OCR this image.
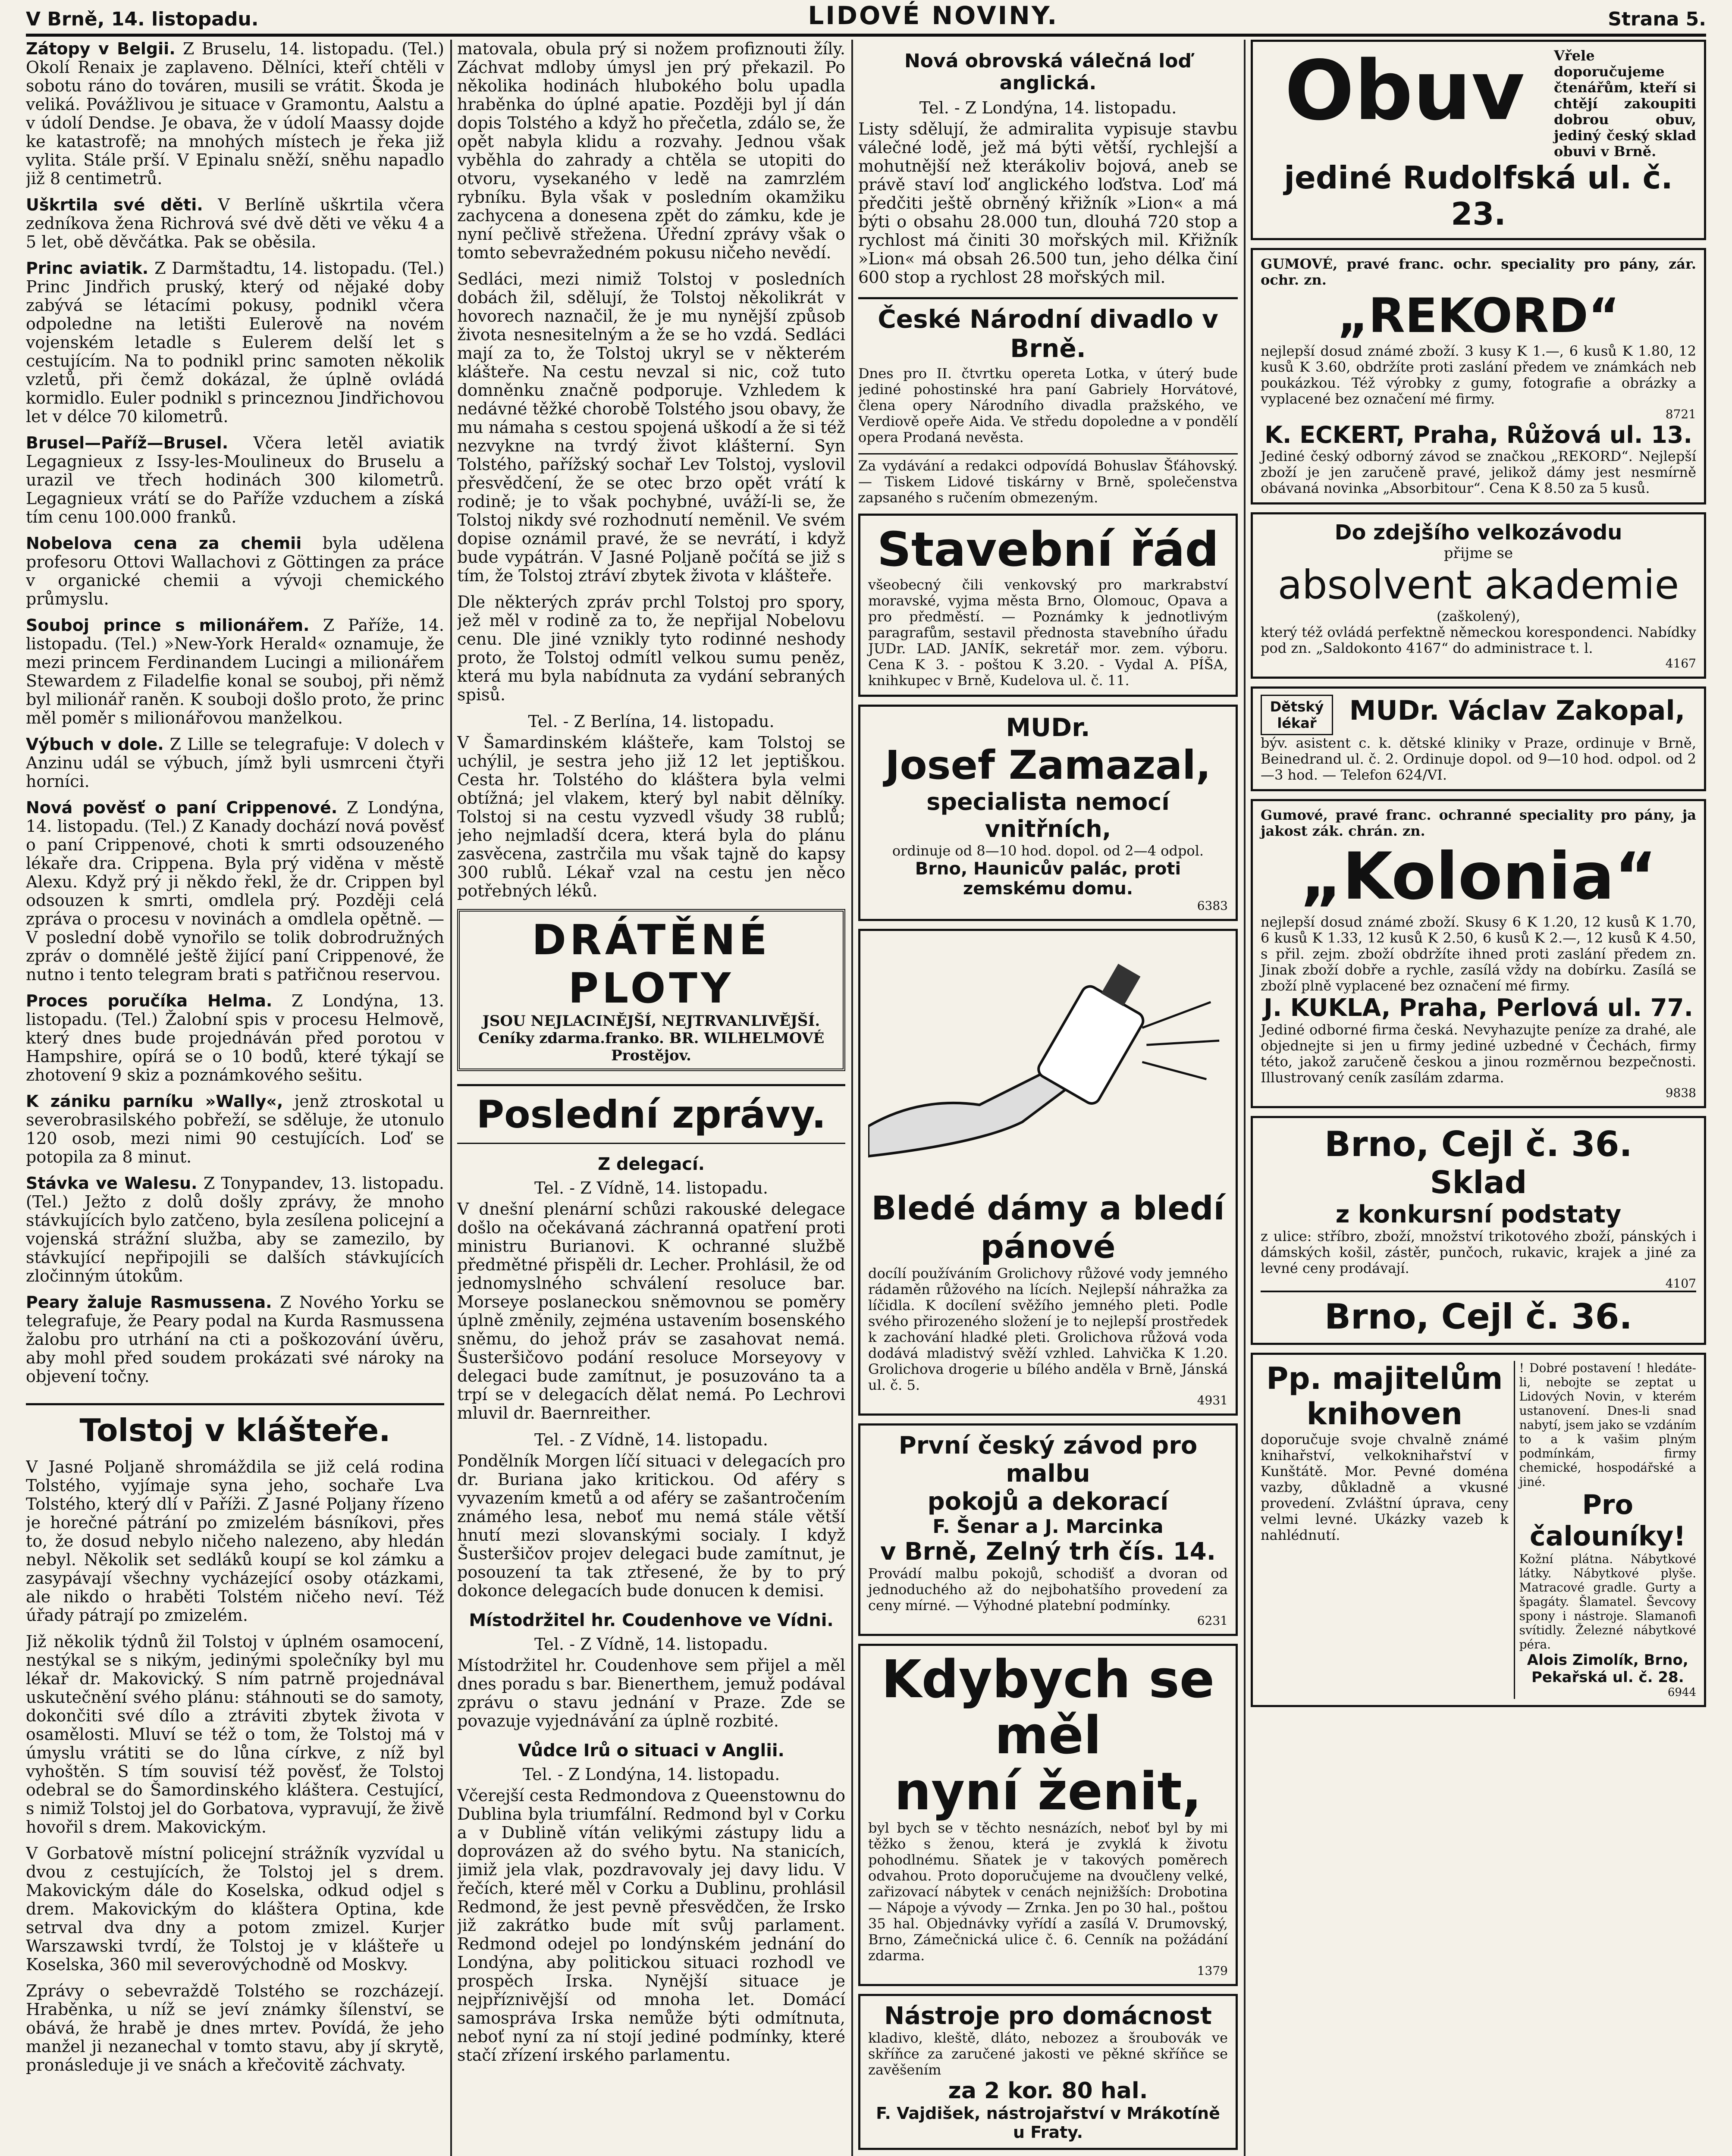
V Brně, 14. listopadu.	LIDOVÉ NOVINY.	Strana 5.

Zátopy v Belgii. Z Bruselu, 14. listopadu. (Tel.) Okolí Renaix je zaplaveno. Dělníci, kteří chtěli v sobotu ráno do továren, musili se vrátit. Škoda je veliká. Povážlivou je situace v Gramontu, Aalstu a v údolí Dendse. Je obava, že v údolí Maassy dojde ke katastrofě; na mnohých místech je řeka již vylita. Stále prší. V Epinalu sněží, sněhu napadlo již 8 centimetrů.

Uškrtila své děti. V Berlíně uškrtila včera zedníkova žena Richrová své dvě děti ve věku 4 a 5 let, obě děvčátka. Pak se oběsila.

Princ aviatik. Z Darmštadtu, 14. listopadu. (Tel.) Princ Jindřich pruský, který od nějaké doby zabývá se létacími pokusy, podnikl včera odpoledne na letišti Eulerově na novém vojenském letadle s Eulerem delší let s cestujícím. Na to podnikl princ samoten několik vzletů, při čemž dokázal, že úplně ovládá kormidlo. Euler podnikl s princeznou Jindřichovou let v délce 70 kilometrů.

Brusel—Paříž—Brusel. Včera letěl aviatik Legagnieux z Issy-les-Moulineux do Bruselu a urazil ve třech hodinách 300 kilometrů. Legagnieux vrátí se do Paříže vzduchem a získá tím cenu 100.000 franků.

Nobelova cena za chemii byla udělena profesoru Ottovi Wallachovi z Göttingen za práce v organické chemii a vývoji chemického průmyslu.

Souboj prince s milionářem. Z Paříže, 14. listopadu. (Tel.) »New-York Herald« oznamuje, že mezi princem Ferdinandem Lucingi a milionářem Stewardem z Filadelfie konal se souboj, při němž byl milionář raněn. K souboji došlo proto, že princ měl poměr s milionářovou manželkou.

Výbuch v dole. Z Lille se telegrafuje: V dolech v Anzinu udál se výbuch, jímž byli usmrceni čtyři horníci.

Nová pověsť o paní Crippenové. Z Londýna, 14. listopadu. (Tel.) Z Kanady dochází nová pověsť o paní Crippenové, choti k smrti odsouzeného lékaře dra. Crippena. Byla prý viděna v městě Alexu. Když prý ji někdo řekl, že dr. Crippen byl odsouzen k smrti, omdlela prý. Později celá zpráva o procesu v novinách a omdlela opětně. — V poslední době vynořilo se tolik dobrodružných zpráv o domnělé ještě žijící paní Crippenové, že nutno i tento telegram brati s patřičnou reservou.

Proces poručíka Helma. Z Londýna, 13. listopadu. (Tel.) Žalobní spis v procesu Helmově, který dnes bude projednáván před porotou v Hampshire, opírá se o 10 bodů, které týkají se zhotovení 9 skiz a poznámkového sešitu.

K zániku parníku »Wally«, jenž ztroskotal u severobrasilského pobřeží, se sděluje, že utonulo 120 osob, mezi nimi 90 cestujících. Loď se potopila za 8 minut.

Stávka ve Walesu. Z Tonypandev, 13. listopadu. (Tel.) Ježto z dolů došly zprávy, že mnoho stávkujících bylo zatčeno, byla zesílena policejní a vojenská strážní služba, aby se zamezilo, by stávkující nepřipojili se dalších stávkujících zločinným útokům.

Peary žaluje Rasmussena. Z Nového Yorku se telegrafuje, že Peary podal na Kurda Rasmussena žalobu pro utrhání na cti a poškozování úvěru, aby mohl před soudem prokázati své nároky na objevení točny.

Tolstoj v klášteře.

V Jasné Poljaně shromáždila se již celá rodina Tolstého, vyjímaje syna jeho, sochaře Lva Tolstého, který dlí v Paříži. Z Jasné Poljany řízeno je horečné pátrání po zmizelém básníkovi, přes to, že dosud nebylo ničeho nalezeno, aby hledán nebyl. Několik set sedláků koupí se kol zámku a zasypávají všechny vycházející osoby otázkami, ale nikdo o hraběti Tolstém ničeho neví. Též úřady pátrají po zmizelém.

Již několik týdnů žil Tolstoj v úplném osamocení, nestýkal se s nikým, jedinými společníky byl mu lékař dr. Makovický. S ním patrně projednával uskutečnění svého plánu: stáhnouti se do samoty, dokončiti své dílo a ztráviti zbytek života v osamělosti. Mluví se též o tom, že Tolstoj má v úmyslu vrátiti se do lůna církve, z níž byl vyhoštěn. S tím souvisí též pověsť, že Tolstoj odebral se do Šamordinského kláštera. Cestující, s nimiž Tolstoj jel do Gorbatova, vypravují, že živě hovořil s drem. Makovickým.

V Gorbatově místní policejní strážník vyzvídal u dvou z cestujících, že Tolstoj jel s drem. Makovickým dále do Koselska, odkud odjel s drem. Makovickým do kláštera Optina, kde setrval dva dny a potom zmizel. Kurjer Warszawski tvrdí, že Tolstoj je v klášteře u Koselska, 360 mil severovýchodně od Moskvy.

Zprávy o sebevraždě Tolstého se rozcházejí. Hraběnka, u níž se jeví známky šílenství, se obává, že hrabě je dnes mrtev. Povídá, že jeho manžel ji nezanechal v tomto stavu, aby jí skrytě, pronásleduje ji ve snách a křečovitě záchvaty.

matovala, obula prý si nožem profiznouti žíly. Záchvat mdloby úmysl jen prý překazil. Po několika hodinách hlubokého bolu upadla hraběnka do úplné apatie. Později byl jí dán dopis Tolstého a když ho přečetla, zdálo se, že opět nabyla klidu a rozvahy. Jednou však vyběhla do zahrady a chtěla se utopiti do otvoru, vysekaného v ledě na zamrzlém rybníku. Byla však v posledním okamžiku zachycena a donesena zpět do zámku, kde je nyní pečlivě střežena. Úřední zprávy však o tomto sebevražedném pokusu ničeho nevědí.

Sedláci, mezi nimiž Tolstoj v posledních dobách žil, sdělují, že Tolstoj několikrát v hovorech naznačil, že je mu nynější způsob života nesnesitelným a že se ho vzdá. Sedláci mají za to, že Tolstoj ukryl se v některém klášteře. Na cestu nevzal si nic, což tuto domněnku značně podporuje. Vzhledem k nedávné těžké chorobě Tolstého jsou obavy, že mu námaha s cestou spojená uškodí a že si též nezvykne na tvrdý život klášterní. Syn Tolstého, pařížský sochař Lev Tolstoj, vyslovil přesvědčení, že se otec brzo opět vrátí k rodině; je to však pochybné, uváží-li se, že Tolstoj nikdy své rozhodnutí neměnil. Ve svém dopise oznámil pravé, že se nevrátí, i když bude vypátrán. V Jasné Poljaně počítá se již s tím, že Tolstoj ztráví zbytek života v klášteře.

Dle některých zpráv prchl Tolstoj pro spory, jež měl v rodině za to, že nepřijal Nobelovu cenu. Dle jiné vznikly tyto rodinné neshody proto, že Tolstoj odmítl velkou sumu peněz, která mu byla nabídnuta za vydání sebraných spisů.

Tel. - Z Berlína, 14. listopadu.

V Šamardinském klášteře, kam Tolstoj se uchýlil, je sestra jeho již 12 let jeptiškou. Cesta hr. Tolstého do kláštera byla velmi obtížná; jel vlakem, který byl nabit dělníky. Tolstoj si na cestu vyzvedl všudy 38 rublů; jeho nejmladší dcera, která byla do plánu zasvěcena, zastrčila mu však tajně do kapsy 300 rublů. Lékař vzal na cestu jen něco potřebných léků.

DRÁTĚNÉ PLOTY
JSOU NEJLACINĚJŠÍ, NEJTRVANLIVĚJŠÍ.
Ceníky zdarma.franko. BR. WILHELMOVÉ Prostějov.
Poslední zprávy.
Z delegací.
Tel. - Z Vídně, 14. listopadu.

V dnešní plenární schůzi rakouské delegace došlo na očekávaná záchranná opatření proti ministru Burianovi. K ochranné službě předmětné přispěli dr. Lecher. Prohlásil, že od jednomyslného schválení resoluce bar. Morseye poslaneckou sněmovnou se poměry úplně změnily, zejména ustavením bosenského sněmu, do jehož práv se zasahovat nemá. Šusteršičovo podání resoluce Morseyovy v delegaci bude zamítnut, je posuzováno ta a trpí se v delegacích dělat nemá. Po Lechrovi mluvil dr. Baernreither.

Tel. - Z Vídně, 14. listopadu.

Pondělník Morgen líčí situaci v delegacích pro dr. Buriana jako kritickou. Od aféry s vyvazením kmetů a od aféry se zašantročením známého lesa, neboť mu nemá stále větší hnutí mezi slovanskými socialy. I když Šusteršičov projev delegaci bude zamítnut, je posouzení ta tak ztřesené, že by to prý dokonce delegacích bude donucen k demisi.

Místodržitel hr. Coudenhove ve Vídni.
Tel. - Z Vídně, 14. listopadu.

Místodržitel hr. Coudenhove sem přijel a měl dnes poradu s bar. Bienerthem, jemuž podával zprávu o stavu jednání v Praze. Zde se povazuje vyjednávání za úplně rozbité.

Vůdce Irů o situaci v Anglii.
Tel. - Z Londýna, 14. listopadu.

Včerejší cesta Redmondova z Queenstownu do Dublina byla triumfální. Redmond byl v Corku a v Dublině vítán velikými zástupy lidu a doprovázen až do svého bytu. Na stanicích, jimiž jela vlak, pozdravovaly jej davy lidu. V řečích, které měl v Corku a Dublinu, prohlásil Redmond, že jest pevně přesvědčen, že Irsko již zakrátko bude mít svůj parlament. Redmond odejel po londýnském jednání do Londýna, aby politickou situaci rozhodl ve prospěch Irska. Nynější situace je nejpříznivější od mnoha let. Domácí samospráva Irska nemůže býti odmítnuta, neboť nyní za ní stojí jediné podmínky, které stačí zřízení irského parlamentu.

Nová obrovská válečná loď anglická.
Tel. - Z Londýna, 14. listopadu.

Listy sdělují, že admiralita vypisuje stavbu válečné lodě, jež má býti větší, rychlejší a mohutnější než kterákoliv bojová, aneb se právě staví loď anglického loďstva. Loď má předčiti ještě obrněný křižník »Lion« a má býti o obsahu 28.000 tun, dlouhá 720 stop a rychlost má činiti 30 mořských mil. Křižník »Lion« má obsah 26.500 tun, jeho délka činí 600 stop a rychlost 28 mořských mil.

České Národní divadlo v Brně.

Dnes pro II. čtvrtku opereta Lotka, v úterý bude jediné pohostinské hra paní Gabriely Horvátové, člena opery Národního divadla pražského, ve Verdiově opeře Aida. Ve středu dopoledne a v pondělí opera Prodaná nevěsta.

Za vydávání a redakci odpovídá Bohuslav Šťáhovský. — Tiskem Lidové tiskárny v Brně, společenstva zapsaného s ručením obmezeným.

Stavební řád
všeobecný čili venkovský pro markrabství moravské, vyjma města Brno, Olomouc, Opava a pro předměstí. — Poznámky k jednotlivým paragrafům, sestavil přednosta stavebního úřadu JUDr. LAD. JANÍK, sekretář mor. zem. výboru. Cena K 3. - poštou K 3.20. - Vydal A. PÍŠA, knihkupec v Brně, Kudelova ul. č. 11.
MUDr.
Josef Zamazal,
specialista nemocí vnitřních,
ordinuje od 8—10 hod. dopol. od 2—4 odpol.
Brno, Haunicův palác, proti zemskému domu.
6383
Bledé dámy a bledí pánové
docílí používáním Grolichovy růžové vody jemného rádaměn růžového na lících. Nejlepší náhražka za líčidla. K docílení svěžího jemného pleti. Podle svého přirozeného složení je to nejlepší prostředek k zachování hladké pleti. Grolichova růžová voda dodává mladistvý svěží vzhled. Lahvička K 1.20. Grolichova drogerie u bílého anděla v Brně, Jánská ul. č. 5.
4931
První český závod pro malbu
pokojů a dekorací
F. Šenar a J. Marcinka
v Brně, Zelný trh čís. 14.
Provádí malbu pokojů, schodišť a dvoran od jednoduchého až do nejbohatšího provedení za ceny mírné. — Výhodné platební podmínky.
6231
Kdybych se měl
nyní ženit,
byl bych se v těchto nesnázích, neboť byl by mi těžko s ženou, která je zvyklá k životu pohodlnému. Sňatek je v takových poměrech odvahou. Proto doporučujeme na dvoučleny velké, zařizovací nábytek v cenách nejnižších: Drobotina — Nápoje a vývody — Zrnka. Jen po 30 hal., poštou 35 hal. Objednávky vyřídí a zasílá V. Drumovský, Brno, Zámečnická ulice č. 6. Cenník na požádání zdarma.
1379
Nástroje pro domácnost
kladivo, kleště, dláto, nebozez a šroubovák ve skříňce za zaručené jakosti ve pěkné skříňce se zavěšením
za 2 kor. 80 hal.
F. Vajdišek, nástrojařství v Mrákotíně u Fraty.
Obuv	Vřele doporučujeme čtenářům, kteří si chtějí zakoupiti dobrou obuv, jediný český sklad obuvi v Brně.
jediné Rudolfská ul. č. 23.
GUMOVÉ, pravé franc. ochr. speciality pro pány, zár. ochr. zn.
„REKORD“
nejlepší dosud známé zboží. 3 kusy K 1.—, 6 kusů K 1.80, 12 kusů K 3.60, obdržíte proti zaslání předem ve známkách neb poukázkou. Též výrobky z gumy, fotografie a obrázky a vyplacené bez označení mé firmy.
8721
K. ECKERT, Praha, Růžová ul. 13.
Jediné český odborný závod se značkou „REKORD“. Nejlepší zboží je jen zaručeně pravé, jelikož dámy jest nesmírně obávaná novinka „Absorbitour“. Cena K 8.50 za 5 kusů.
Do zdejšího velkozávodu
přijme se
absolvent akademie
(zaškolený),
který též ovládá perfektně německou korespondenci. Nabídky pod zn. „Saldokonto 4167“ do administrace t. l.
4167
Dětský lékař	MUDr. Václav Zakopal,
býv. asistent c. k. dětské kliniky v Praze, ordinuje v Brně, Beinedrand ul. č. 2. Ordinuje dopol. od 9—10 hod. odpol. od 2—3 hod. — Telefon 624/VI.
Gumové, pravé franc. ochranné speciality pro pány, ja jakost zák. chrán. zn.
„Kolonia“
nejlepší dosud známé zboží. Skusy 6 K 1.20, 12 kusů K 1.70, 6 kusů K 1.33, 12 kusů K 2.50, 6 kusů K 2.—, 12 kusů K 4.50, s přil. zejm. zboží obdržíte ihned proti zaslání předem zn. Jinak zboží dobře a rychle, zasílá vždy na dobírku. Zasílá se zboží plně vyplacené bez označení mé firmy.
J. KUKLA, Praha, Perlová ul. 77.
Jediné odborné firma česká. Nevyhazujte peníze za drahé, ale objednejte si jen u firmy jediné uzbedné v Čechách, firmy této, jakož zaručeně českou a jinou rozměrnou bezpečnosti. Illustrovaný ceník zasílám zdarma.
9838
Brno, Cejl č. 36.
Sklad
z konkursní podstaty
z ulice: stříbro, zboží, množství trikotového zboží, pánských i dámských košil, zástěr, punčoch, rukavic, krajek a jiné za levné ceny prodávají.
4107
Brno, Cejl č. 36.
Pp. majitelům
knihoven
doporučuje svoje chvalně známé knihařství, velkoknihařství v Kunštátě. Mor. Pevné doména vazby, důkladně a vkusné provedení. Zvláštní úprava, ceny velmi levné. Ukázky vazeb k nahlédnutí.
! Dobré postavení ! hledáte-li, nebojte se zeptat u Lidových Novin, v kterém ustanovení. Dnes-li snad nabytí, jsem jako se vzdáním to a k vašim plným podmínkám, firmy chemické, hospodářské a jiné.
Pro čalouníky!
Kožní plátna. Nábytkové látky. Nábytkové plyše. Matracové gradle. Gurty a špagáty. Šlamatel. Ševcovy spony i nástroje. Slamanofi svítidly. Železné nábytkové péra.
Alois Zimolík, Brno, Pekařská ul. č. 28.
6944
